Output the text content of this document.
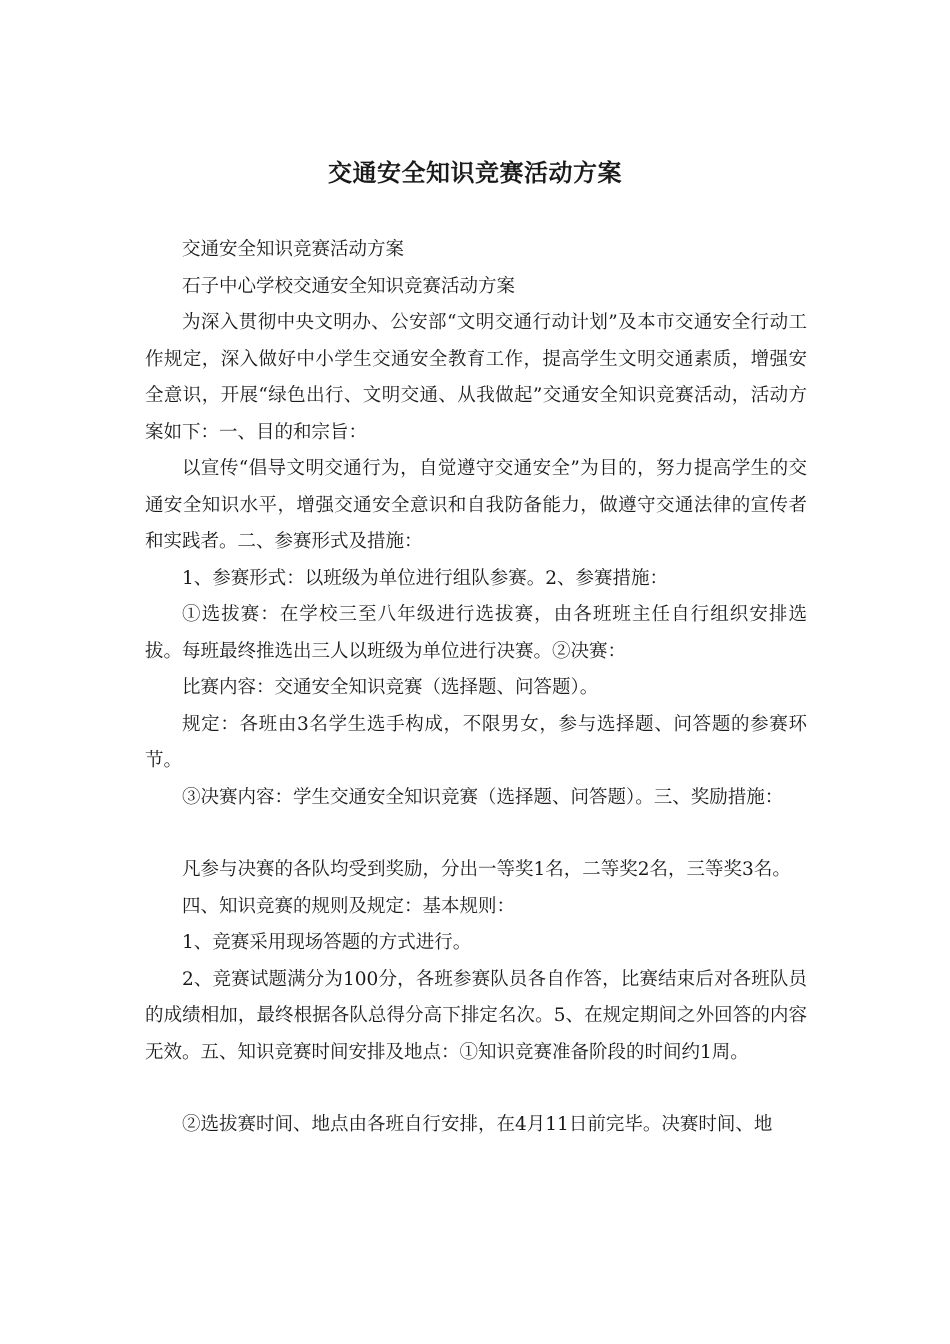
交通安全知识竞赛活动方案

交通安全知识竞赛活动方案

石子中心学校交通安全知识竞赛活动方案

为深入贯彻中央文明办、公安部“文明交通行动计划”及本市交通安全行动工作规定，深入做好中小学生交通安全教育工作，提高学生文明交通素质，增强安全意识，开展“绿色出行、文明交通、从我做起”交通安全知识竞赛活动，活动方案如下：一、目的和宗旨：

以宣传“倡导文明交通行为，自觉遵守交通安全”为目的，努力提高学生的交通安全知识水平，增强交通安全意识和自我防备能力，做遵守交通法律的宣传者和实践者。二、参赛形式及措施：

1、参赛形式：以班级为单位进行组队参赛。2、参赛措施：

①选拔赛：在学校三至八年级进行选拔赛，由各班班主任自行组织安排选拔。每班最终推选出三人以班级为单位进行决赛。②决赛：

比赛内容：交通安全知识竞赛（选择题、问答题）。

规定：各班由3名学生选手构成，不限男女，参与选择题、问答题的参赛环节。

③决赛内容：学生交通安全知识竞赛（选择题、问答题）。三、奖励措施：

凡参与决赛的各队均受到奖励，分出一等奖1名，二等奖2名，三等奖3名。

四、知识竞赛的规则及规定：基本规则：

1、竞赛采用现场答题的方式进行。

2、竞赛试题满分为100分，各班参赛队员各自作答，比赛结束后对各班队员的成绩相加，最终根据各队总得分高下排定名次。5、在规定期间之外回答的内容无效。五、知识竞赛时间安排及地点：①知识竞赛准备阶段的时间约1周。

②选拔赛时间、地点由各班自行安排，在4月11日前完毕。决赛时间、地
